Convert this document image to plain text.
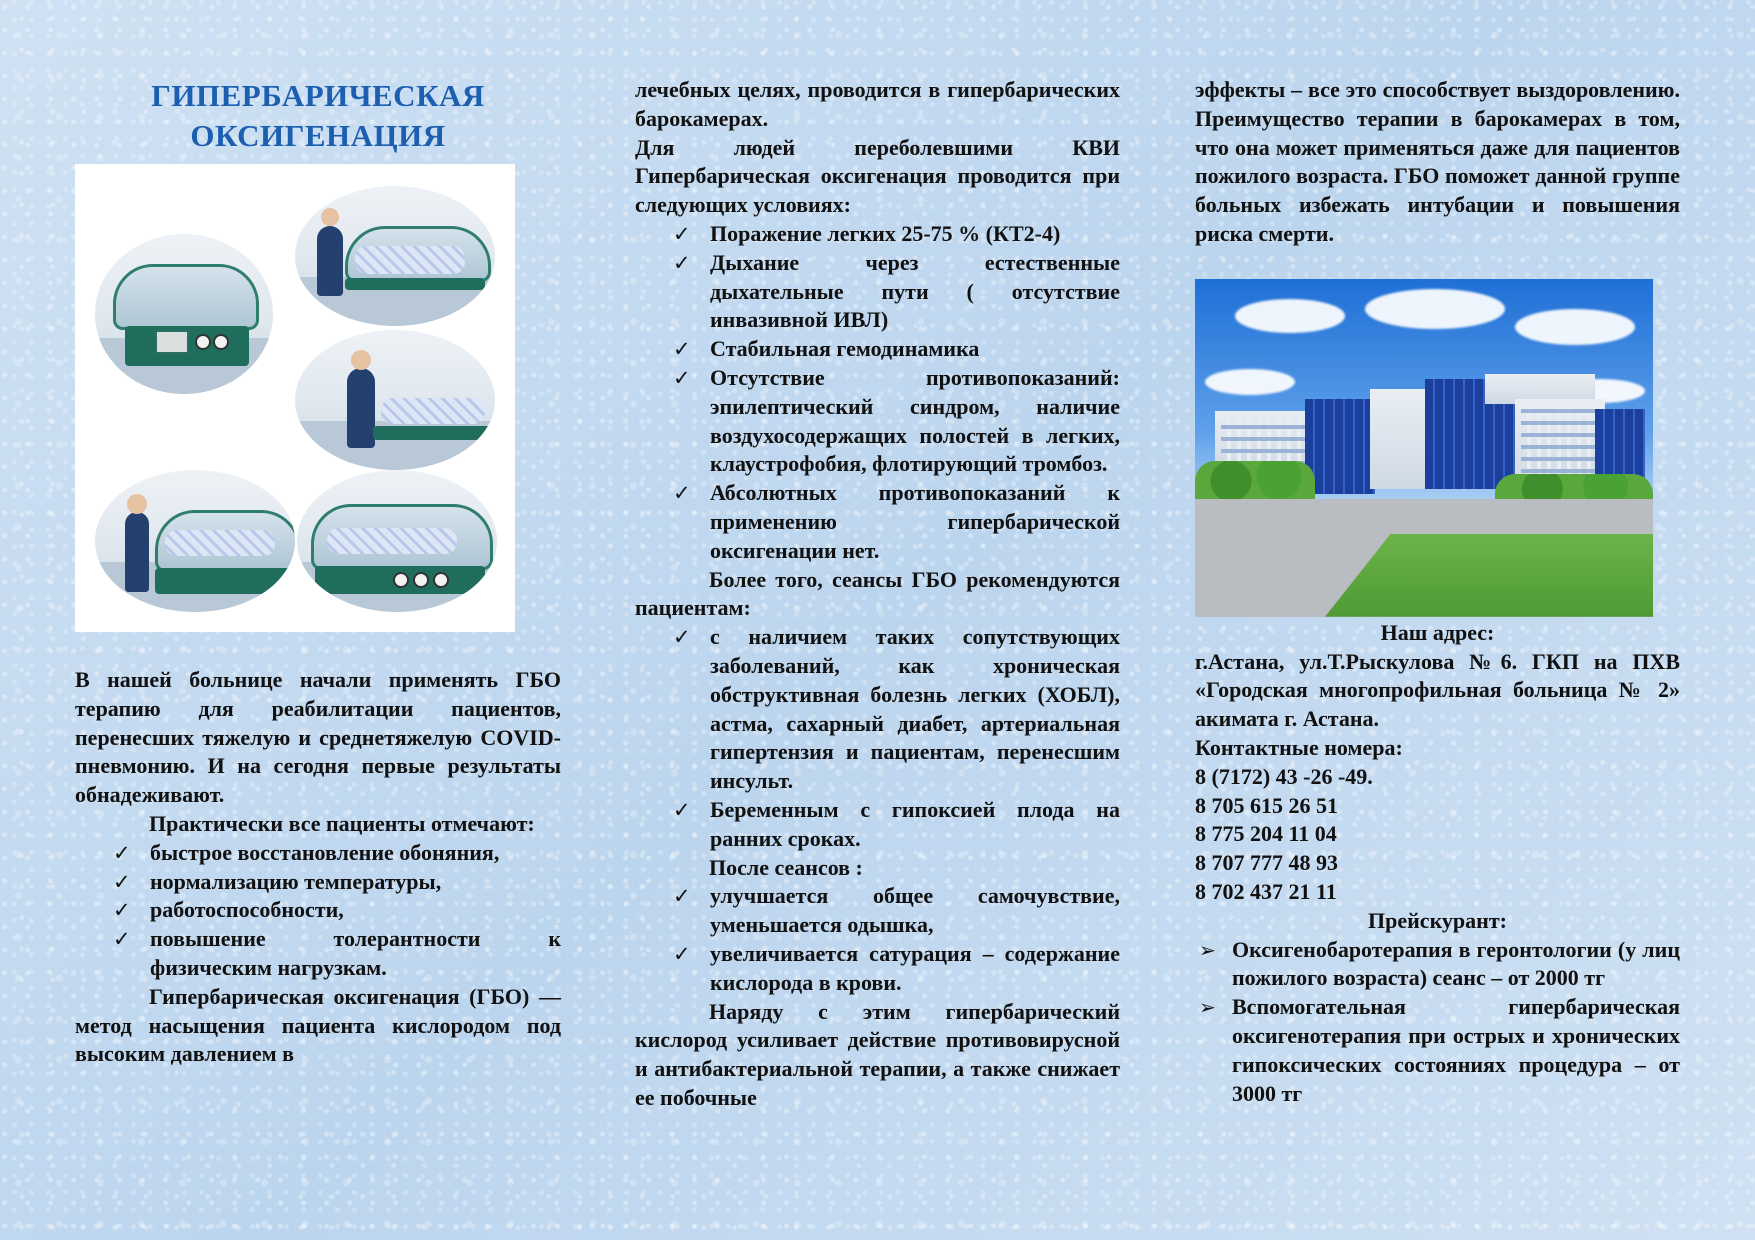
ГИПЕРБАРИЧЕСКАЯ ОКСИГЕНАЦИЯ

В нашей больнице начали применять ГБО терапию для реабилитации пациентов, перенесших тяжелую и среднетяжелую COVID-пневмонию. И на сегодня первые результаты обнадеживают.

Практически все пациенты отмечают:

✓ быстрое восстановление обоняния,
✓ нормализацию температуры,
✓ работоспособности,
✓ повышение толерантности к физическим нагрузкам.

Гипербарическая оксигенация (ГБО) — метод насыщения пациента кислородом под высоким давлением в

лечебных целях, проводится в гипербарических барокамерах.

Для людей переболевшими КВИ Гипербарическая оксигенация проводится при следующих условиях:

✓ Поражение легких 25-75 % (КТ2-4)
✓ Дыхание через естественные дыхательные пути ( отсутствие инвазивной ИВЛ)
✓ Стабильная гемодинамика
✓ Отсутствие противопоказаний: эпилептический синдром, наличие воздухосодержащих полостей в легких, клаустрофобия, флотирующий тромбоз.
✓ Абсолютных противопоказаний к применению гипербарической оксигенации нет.

Более того, сеансы ГБО рекомендуются пациентам:

✓ с наличием таких сопутствующих заболеваний, как хроническая обструктивная болезнь легких (ХОБЛ), астма, сахарный диабет, артериальная гипертензия и пациентам, перенесшим инсульт.
✓ Беременным с гипоксией плода на ранних сроках.

После сеансов :

✓ улучшается общее самочувствие, уменьшается одышка,
✓ увеличивается сатурация – содержание кислорода в крови.

Наряду с этим гипербарический кислород усиливает действие противовирусной и антибактериальной терапии, а также снижает ее побочные

эффекты – все это способствует выздоровлению. Преимущество терапии в барокамерах в том, что она может применяться даже для пациентов пожилого возраста. ГБО поможет данной группе больных избежать интубации и повышения риска смерти.

Наш адрес:

г.Астана, ул.Т.Рыскулова №6. ГКП на ПХВ «Городская многопрофильная больница № 2» акимата г. Астана.

Контактные номера:

8 (7172) 43 -26 -49.

8 705 615 26 51

8 775 204 11 04

8 707 777 48 93

8 702 437 21 11

Прейскурант:

➢ Оксигенобаротерапия в геронтологии (у лиц пожилого возраста) сеанс – от 2000 тг
➢ Вспомогательная гипербарическая оксигенотерапия при острых и хронических гипоксических состояниях процедура – от 3000 тг
